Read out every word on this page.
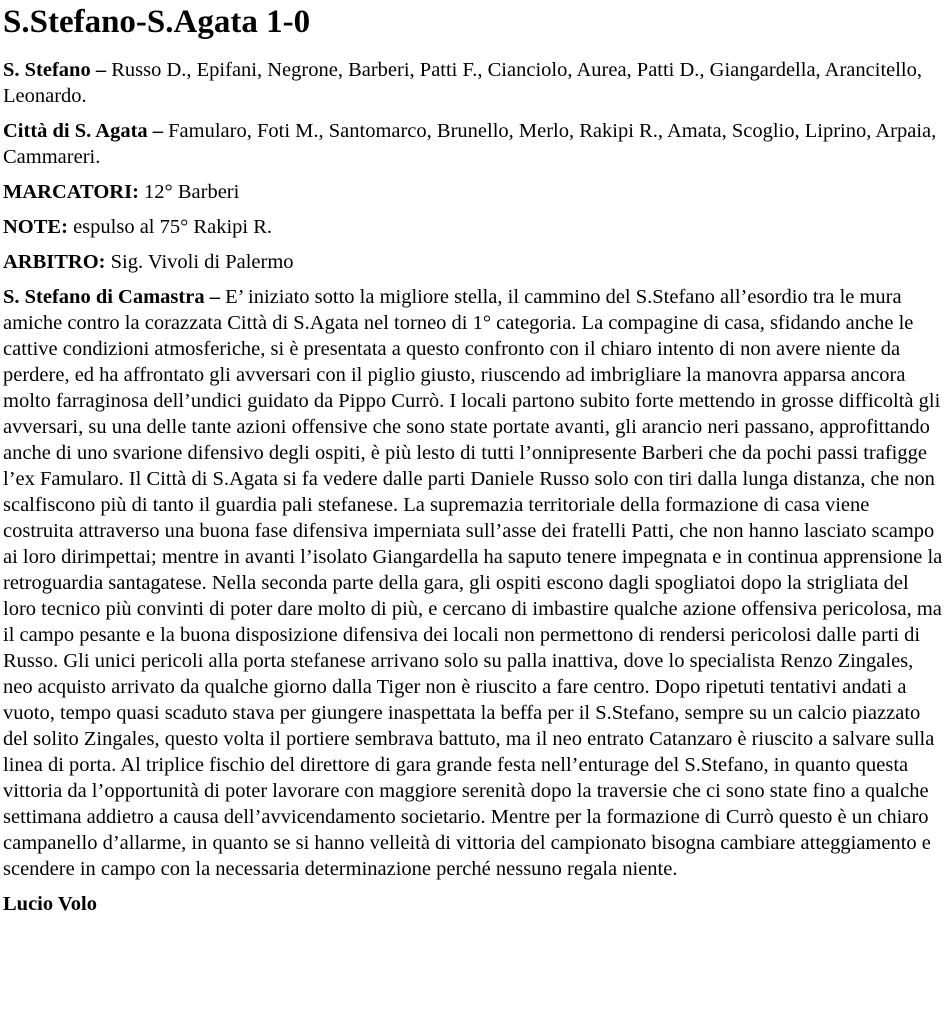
S.Stefano-S.Agata 1-0

S. Stefano – Russo D., Epifani, Negrone, Barberi, Patti F., Cianciolo, Aurea, Patti D., Giangardella, Arancitello, Leonardo.

Città di S. Agata – Famularo, Foti M., Santomarco, Brunello, Merlo, Rakipi R., Amata, Scoglio, Liprino, Arpaia, Cammareri.

MARCATORI: 12° Barberi

NOTE: espulso al 75° Rakipi R.

ARBITRO: Sig. Vivoli di Palermo

S. Stefano di Camastra – E’ iniziato sotto la migliore stella, il cammino del S.Stefano all’esordio tra le mura amiche contro la corazzata Città di S.Agata nel torneo di 1° categoria. La compagine di casa, sfidando anche le cattive condizioni atmosferiche, si è presentata a questo confronto con il chiaro intento di non avere niente da perdere, ed ha affrontato gli avversari con il piglio giusto, riuscendo ad imbrigliare la manovra apparsa ancora molto farraginosa dell’undici guidato da Pippo Currò. I locali partono subito forte mettendo in grosse difficoltà gli avversari, su una delle tante azioni offensive che sono state portate avanti, gli arancio neri passano, approfittando anche di uno svarione difensivo degli ospiti, è più lesto di tutti l’onnipresente Barberi che da pochi passi trafigge l’ex Famularo. Il Città di S.Agata si fa vedere dalle parti Daniele Russo solo con tiri dalla lunga distanza, che non scalfiscono più di tanto il guardia pali stefanese. La supremazia territoriale della formazione di casa viene costruita attraverso una buona fase difensiva imperniata sull’asse dei fratelli Patti, che non hanno lasciato scampo ai loro dirimpettai; mentre in avanti l’isolato Giangardella ha saputo tenere impegnata e in continua apprensione la retroguardia santagatese. Nella seconda parte della gara, gli ospiti escono dagli spogliatoi dopo la strigliata del loro tecnico più convinti di poter dare molto di più, e cercano di imbastire qualche azione offensiva pericolosa, ma il campo pesante e la buona disposizione difensiva dei locali non permettono di rendersi pericolosi dalle parti di Russo. Gli unici pericoli alla porta stefanese arrivano solo su palla inattiva, dove lo specialista Renzo Zingales, neo acquisto arrivato da qualche giorno dalla Tiger non è riuscito a fare centro. Dopo ripetuti tentativi andati a vuoto, tempo quasi scaduto stava per giungere inaspettata la beffa per il S.Stefano, sempre su un calcio piazzato del solito Zingales, questo volta il portiere sembrava battuto, ma il neo entrato Catanzaro è riuscito a salvare sulla linea di porta. Al triplice fischio del direttore di gara grande festa nell’enturage del S.Stefano, in quanto questa vittoria da l’opportunità di poter lavorare con maggiore serenità dopo la traversie che ci sono state fino a qualche settimana addietro a causa dell’avvicendamento societario. Mentre per la formazione di Currò questo è un chiaro campanello d’allarme, in quanto se si hanno velleità di vittoria del campionato bisogna cambiare atteggiamento e scendere in campo con la necessaria determinazione perché nessuno regala niente.

Lucio Volo
